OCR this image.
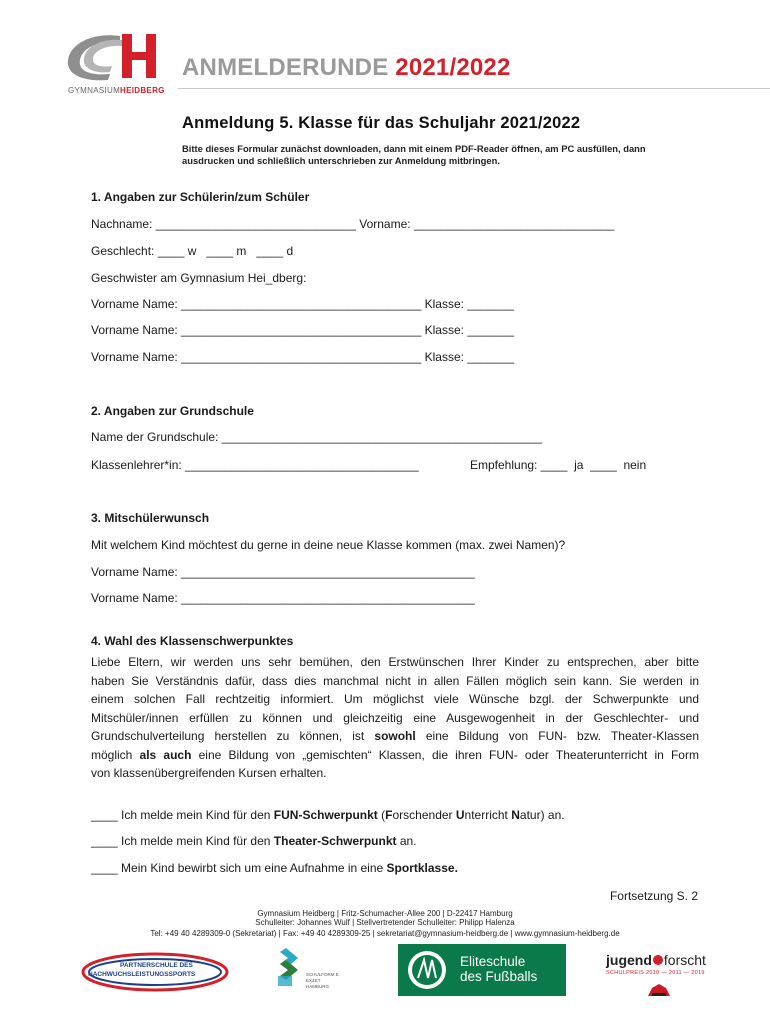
GYMNASIUMHEIDBERG
ANMELDERUNDE 2021/2022
Anmeldung 5. Klasse für das Schuljahr 2021/2022
Bitte dieses Formular zunächst downloaden, dann mit einem PDF-Reader öffnen, am PC ausfüllen, dann
ausdrucken und schließlich unterschrieben zur Anmeldung mitbringen.
1. Angaben zur Schülerin/zum Schüler
Nachname: ______________________________ Vorname: ______________________________
Geschlecht: ____ w   ____ m   ____ d
Geschwister am Gymnasium Hei_dberg:
Vorname Name: ____________________________________ Klasse: _______
Vorname Name: ____________________________________ Klasse: _______
Vorname Name: ____________________________________ Klasse: _______
2. Angaben zur Grundschule
Name der Grundschule: ________________________________________________
Klassenlehrer*in: ___________________________________	Empfehlung: ____  ja  ____  nein
3. Mitschülerwunsch
Mit welchem Kind möchtest du gerne in deine neue Klasse kommen (max. zwei Namen)?
Vorname Name: ____________________________________________
Vorname Name: ____________________________________________
4. Wahl des Klassenschwerpunktes
Liebe Eltern, wir werden uns sehr bemühen, den Erstwünschen Ihrer Kinder zu entsprechen, aber bitte
haben Sie Verständnis dafür, dass dies manchmal nicht in allen Fällen möglich sein kann. Sie werden in
einem solchen Fall rechtzeitig informiert. Um möglichst viele Wünsche bzgl. der Schwerpunkte und
Mitschüler/innen erfüllen zu können und gleichzeitig eine Ausgewogenheit in der Geschlechter- und
Grundschulverteilung herstellen zu können, ist sowohl eine Bildung von FUN- bzw. Theater-Klassen
möglich als auch eine Bildung von „gemischten“ Klassen, die ihren FUN- oder Theaterunterricht in Form
von klassenübergreifenden Kursen erhalten.
____ Ich melde mein Kind für den FUN-Schwerpunkt (Forschender Unterricht Natur) an.
____ Ich melde mein Kind für den Theater-Schwerpunkt an.
____ Mein Kind bewirbt sich um eine Aufnahme in eine Sportklasse.
Fortsetzung S. 2
Gymnasium Heidberg | Fritz-Schumacher-Allee 200 | D-22417 Hamburg
Schulleiter: Johannes Wulf | Stellvertretender Schulleiter: Philipp Halenza
Tel: +49 40 4289309-0 (Sekretariat) | Fax: +49 40 4289309-25 | sekretariat@gymnasium-heidberg.de | www.gymnasium-heidberg.de
PARTNERSCHULE DES
NACHWUCHSLEISTUNGSSPORTS	SCHULFORM E.
EXZET
HAMBURG
Eliteschule
des Fußballs
jugend forscht
SCHULPREIS 2010 — 2011 — 2019
